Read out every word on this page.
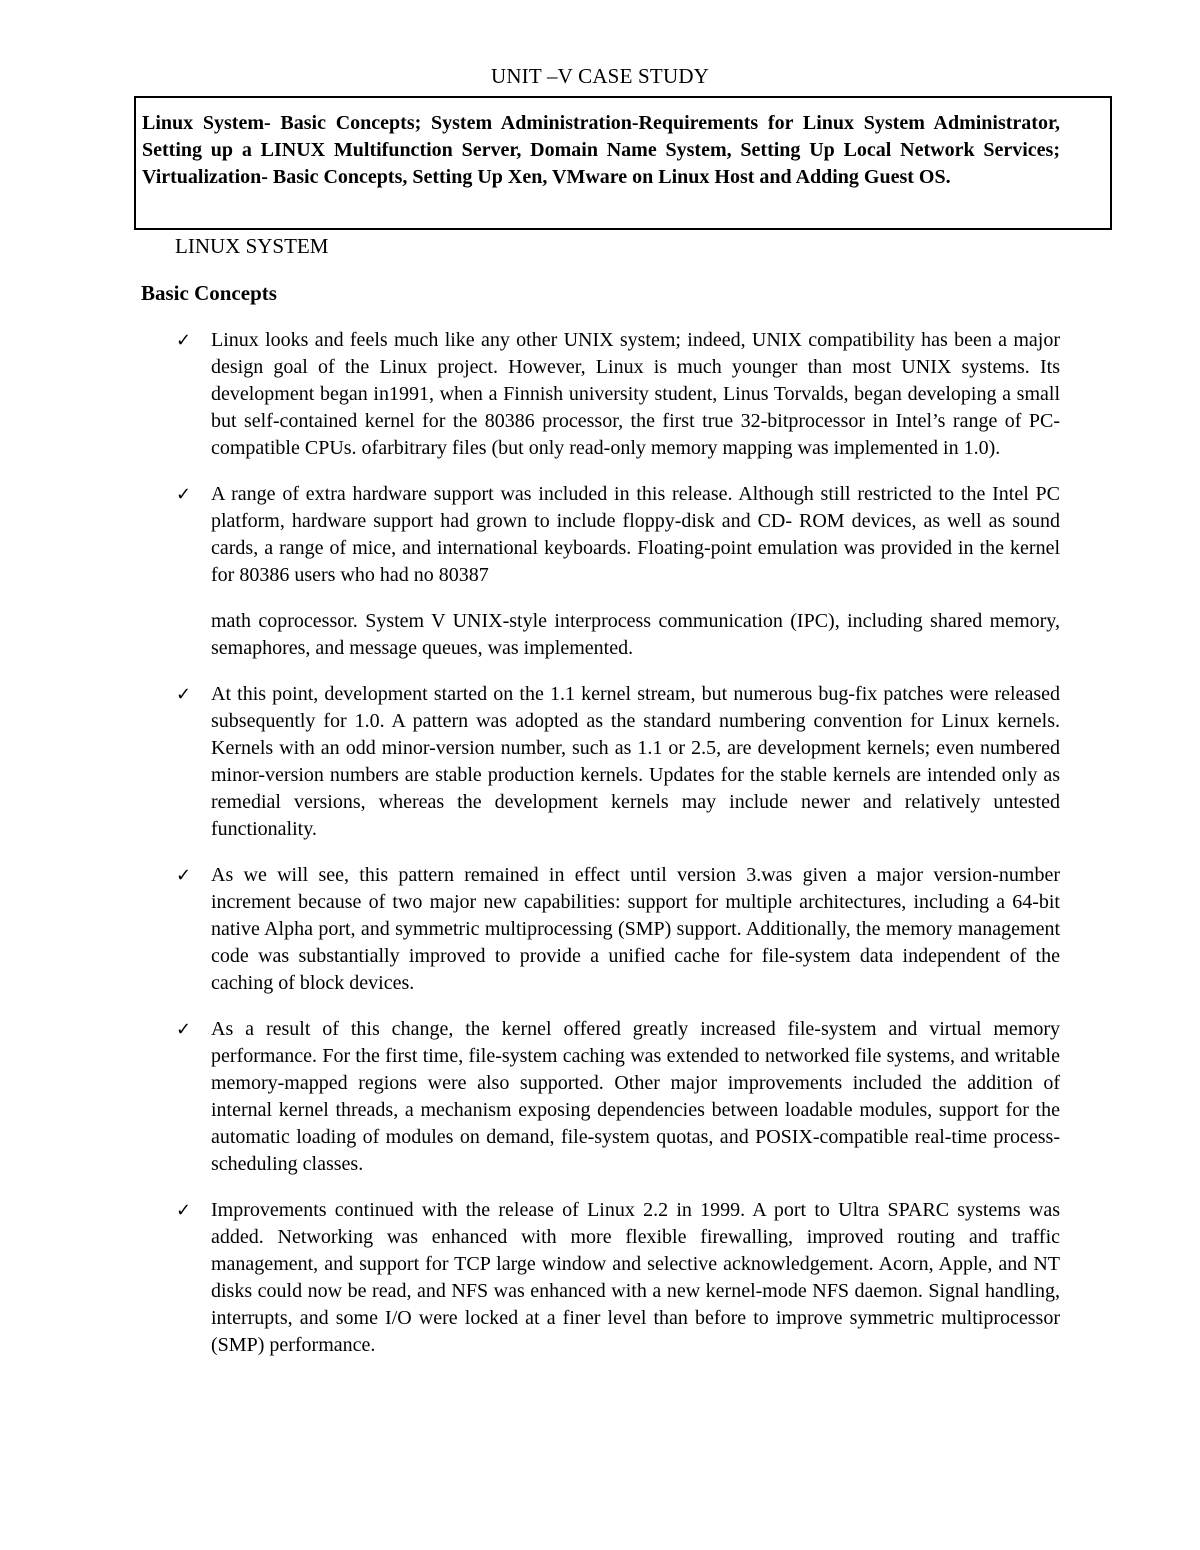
UNIT –V CASE STUDY
Linux System- Basic Concepts; System Administration-Requirements for Linux System Administrator, Setting up a LINUX Multifunction Server, Domain Name System, Setting Up Local Network Services; Virtualization- Basic Concepts, Setting Up Xen, VMware on Linux Host and Adding Guest OS.
LINUX SYSTEM
Basic Concepts
✓ Linux looks and feels much like any other UNIX system; indeed, UNIX compatibility has been a major design goal of the Linux project. However, Linux is much younger than most UNIX systems. Its development began in1991, when a Finnish university student, Linus Torvalds, began developing a small but self-contained kernel for the 80386 processor, the first true 32-bitprocessor in Intel’s range of PC-compatible CPUs. ofarbitrary files (but only read-only memory mapping was implemented in 1.0).

✓ A range of extra hardware support was included in this release. Although still restricted to the Intel PC platform, hardware support had grown to include floppy-disk and CD- ROM devices, as well as sound cards, a range of mice, and international keyboards. Floating-point emulation was provided in the kernel for 80386 users who had no 80387

math coprocessor. System V UNIX-style interprocess communication (IPC), including shared memory, semaphores, and message queues, was implemented.

✓ At this point, development started on the 1.1 kernel stream, but numerous bug-fix patches were released subsequently for 1.0. A pattern was adopted as the standard numbering convention for Linux kernels. Kernels with an odd minor-version number, such as 1.1 or 2.5, are development kernels; even numbered minor-version numbers are stable production kernels. Updates for the stable kernels are intended only as remedial versions, whereas the development kernels may include newer and relatively untested functionality.

✓ As we will see, this pattern remained in effect until version 3.was given a major version-number increment because of two major new capabilities: support for multiple architectures, including a 64-bit native Alpha port, and symmetric multiprocessing (SMP) support. Additionally, the memory management code was substantially improved to provide a unified cache for file-system data independent of the caching of block devices.

✓ As a result of this change, the kernel offered greatly increased file-system and virtual memory performance. For the first time, file-system caching was extended to networked file systems, and writable memory-mapped regions were also supported. Other major improvements included the addition of internal kernel threads, a mechanism exposing dependencies between loadable modules, support for the automatic loading of modules on demand, file-system quotas, and POSIX-compatible real-time process-scheduling classes.

✓ Improvements continued with the release of Linux 2.2 in 1999. A port to Ultra SPARC systems was added. Networking was enhanced with more flexible firewalling, improved routing and traffic management, and support for TCP large window and selective acknowledgement. Acorn, Apple, and NT disks could now be read, and NFS was enhanced with a new kernel-mode NFS daemon. Signal handling, interrupts, and some I/O were locked at a finer level than before to improve symmetric multiprocessor (SMP) performance.
